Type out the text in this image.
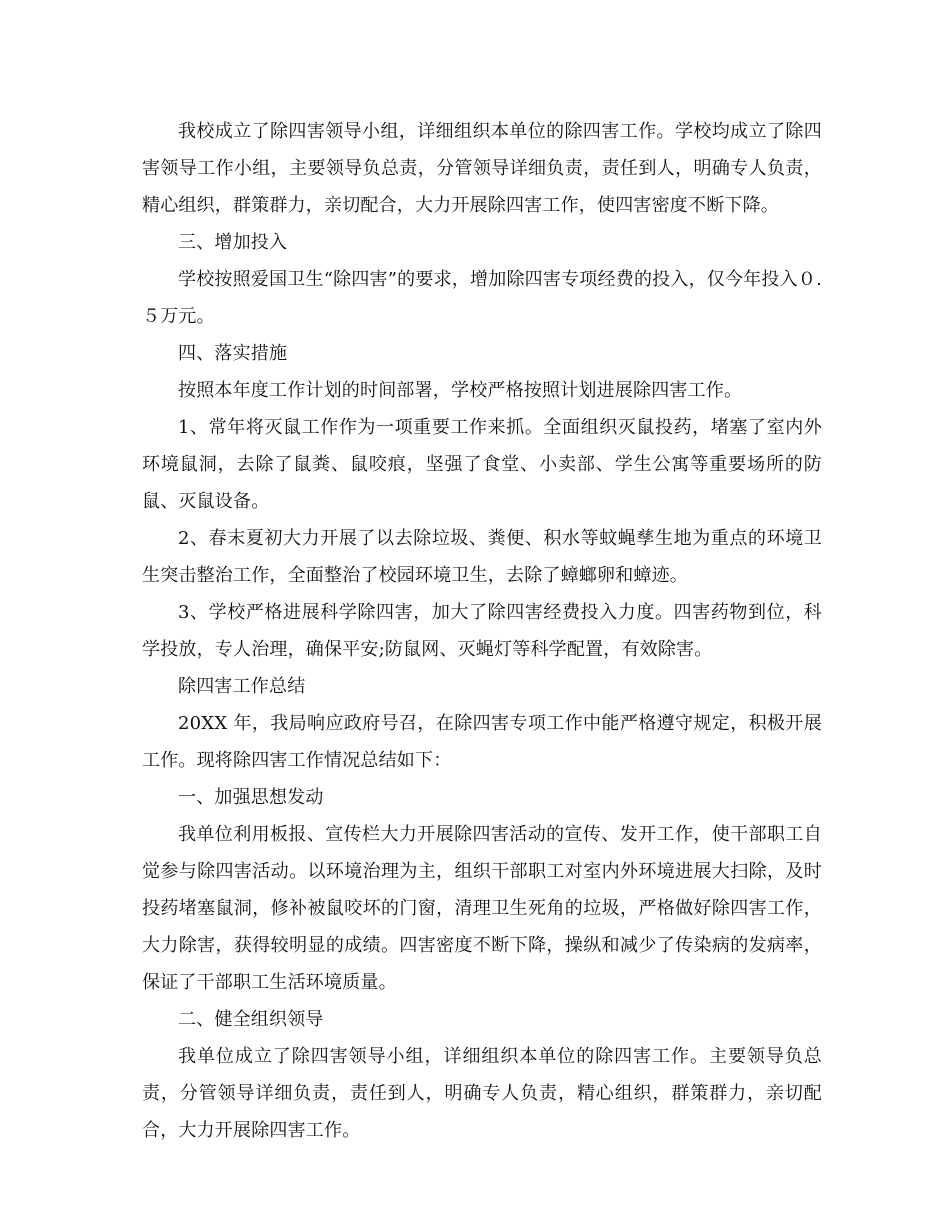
我校成立了除四害领导小组，详细组织本单位的除四害工作。学校均成立了除四害领导工作小组，主要领导负总责，分管领导详细负责，责任到人，明确专人负责，精心组织，群策群力，亲切配合，大力开展除四害工作，使四害密度不断下降。

三、增加投入

学校按照爱国卫生“除四害”的要求，增加除四害专项经费的投入，仅今年投入０.５万元。

四、落实措施

按照本年度工作计划的时间部署，学校严格按照计划进展除四害工作。

1、常年将灭鼠工作作为一项重要工作来抓。全面组织灭鼠投药，堵塞了室内外环境鼠洞，去除了鼠粪、鼠咬痕，坚强了食堂、小卖部、学生公寓等重要场所的防鼠、灭鼠设备。

2、春末夏初大力开展了以去除垃圾、粪便、积水等蚊蝇孳生地为重点的环境卫生突击整治工作，全面整治了校园环境卫生，去除了蟑螂卵和蟑迹。

3、学校严格进展科学除四害，加大了除四害经费投入力度。四害药物到位，科学投放，专人治理，确保平安;防鼠网、灭蝇灯等科学配置，有效除害。

除四害工作总结

20XX 年，我局响应政府号召，在除四害专项工作中能严格遵守规定，积极开展工作。现将除四害工作情况总结如下：

一、加强思想发动

我单位利用板报、宣传栏大力开展除四害活动的宣传、发开工作，使干部职工自觉参与除四害活动。以环境治理为主，组织干部职工对室内外环境进展大扫除，及时投药堵塞鼠洞，修补被鼠咬坏的门窗，清理卫生死角的垃圾，严格做好除四害工作，大力除害，获得较明显的成绩。四害密度不断下降，操纵和减少了传染病的发病率，保证了干部职工生活环境质量。

二、健全组织领导

我单位成立了除四害领导小组，详细组织本单位的除四害工作。主要领导负总责，分管领导详细负责，责任到人，明确专人负责，精心组织，群策群力，亲切配合，大力开展除四害工作。
